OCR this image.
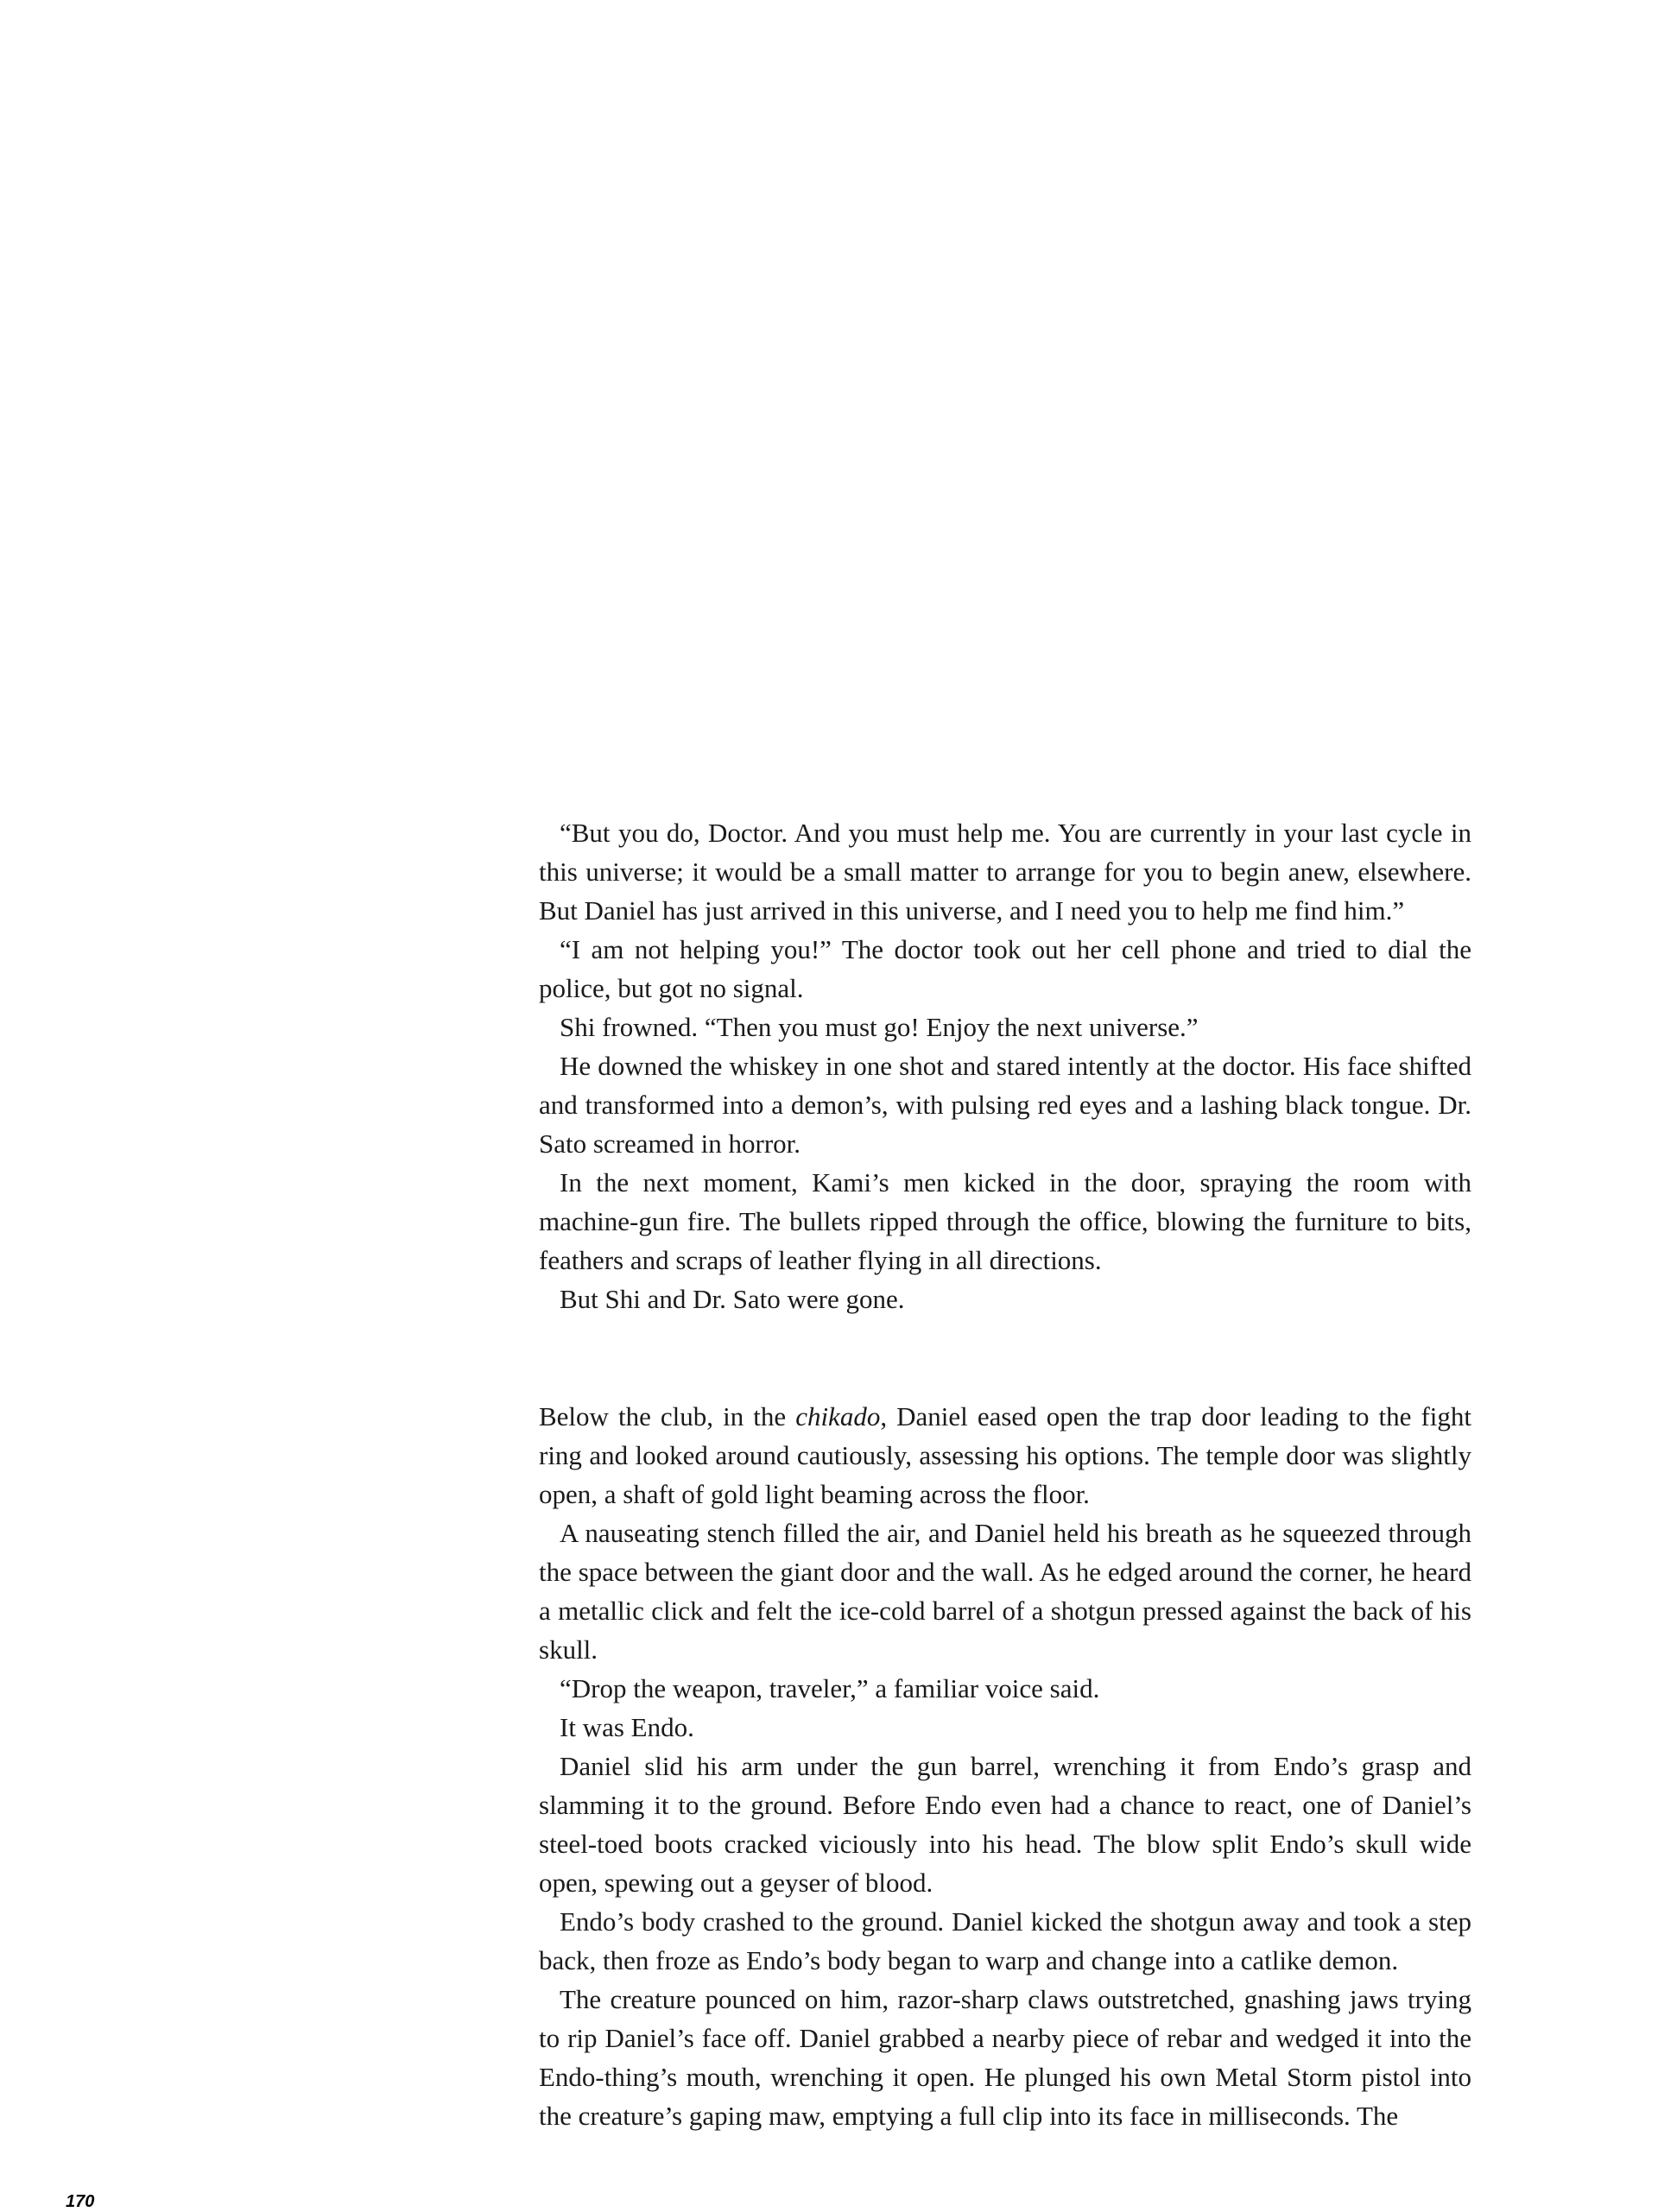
“But you do, Doctor. And you must help me. You are currently in your last cycle in this universe; it would be a small matter to arrange for you to begin anew, elsewhere. But Daniel has just arrived in this universe, and I need you to help me find him.”

“I am not helping you!” The doctor took out her cell phone and tried to dial the police, but got no signal.

Shi frowned. “Then you must go! Enjoy the next universe.”

He downed the whiskey in one shot and stared intently at the doctor. His face shifted and transformed into a demon’s, with pulsing red eyes and a lashing black tongue. Dr. Sato screamed in horror.

In the next moment, Kami’s men kicked in the door, spraying the room with machine-gun fire. The bullets ripped through the office, blowing the furniture to bits, feathers and scraps of leather flying in all directions.

But Shi and Dr. Sato were gone.

Below the club, in the chikado, Daniel eased open the trap door leading to the fight ring and looked around cautiously, assessing his options. The temple door was slightly open, a shaft of gold light beaming across the floor.

A nauseating stench filled the air, and Daniel held his breath as he squeezed through the space between the giant door and the wall. As he edged around the corner, he heard a metallic click and felt the ice-cold barrel of a shotgun pressed against the back of his skull.

“Drop the weapon, traveler,” a familiar voice said.

It was Endo.

Daniel slid his arm under the gun barrel, wrenching it from Endo’s grasp and slamming it to the ground. Before Endo even had a chance to react, one of Daniel’s steel-toed boots cracked viciously into his head. The blow split Endo’s skull wide open, spewing out a geyser of blood.

Endo’s body crashed to the ground. Daniel kicked the shotgun away and took a step back, then froze as Endo’s body began to warp and change into a catlike demon.

The creature pounced on him, razor-sharp claws outstretched, gnashing jaws trying to rip Daniel’s face off. Daniel grabbed a nearby piece of rebar and wedged it into the Endo-thing’s mouth, wrenching it open. He plunged his own Metal Storm pistol into the creature’s gaping maw, emptying a full clip into its face in milliseconds. The

170
